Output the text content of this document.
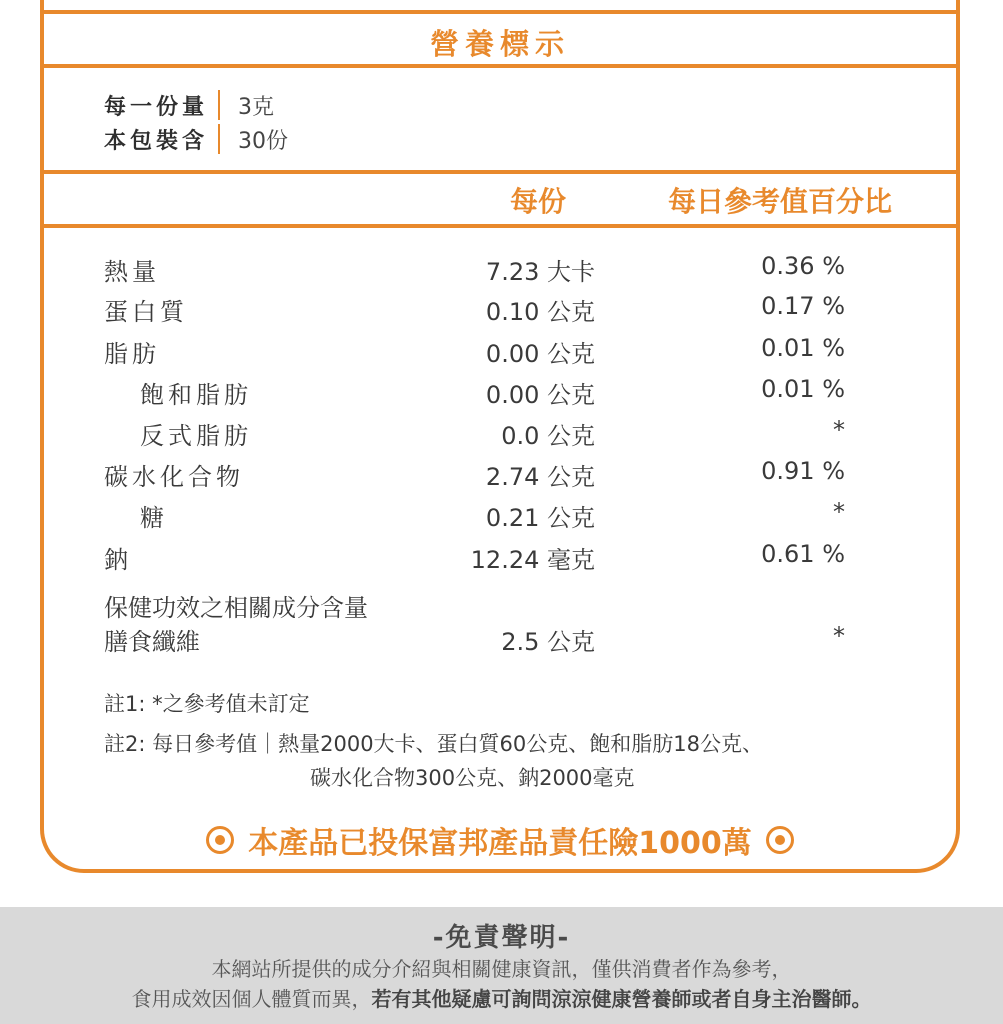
營養標示
每一份量	3克
本包裝含	30份
每份	每日參考值百分比
熱量	7.23 大卡	0.36 %
蛋白質	0.10 公克	0.17 %
脂肪	0.00 公克	0.01 %
飽和脂肪	0.00 公克	0.01 %
反式脂肪	0.0 公克	*
碳水化合物	2.74 公克	0.91 %
糖	0.21 公克	*
鈉	12.24 毫克	0.61 %
保健功效之相關成分含量
膳食纖維	2.5 公克	*
註1: *之參考值未訂定
註2: 每日參考值｜熱量2000大卡、蛋白質60公克、飽和脂肪18公克、
碳水化合物300公克、鈉2000毫克
本產品已投保富邦產品責任險1000萬
-免責聲明-
本網站所提供的成分介紹與相關健康資訊，僅供消費者作為參考，
食用成效因個人體質而異，若有其他疑慮可詢問涼涼健康營養師或者自身主治醫師。
